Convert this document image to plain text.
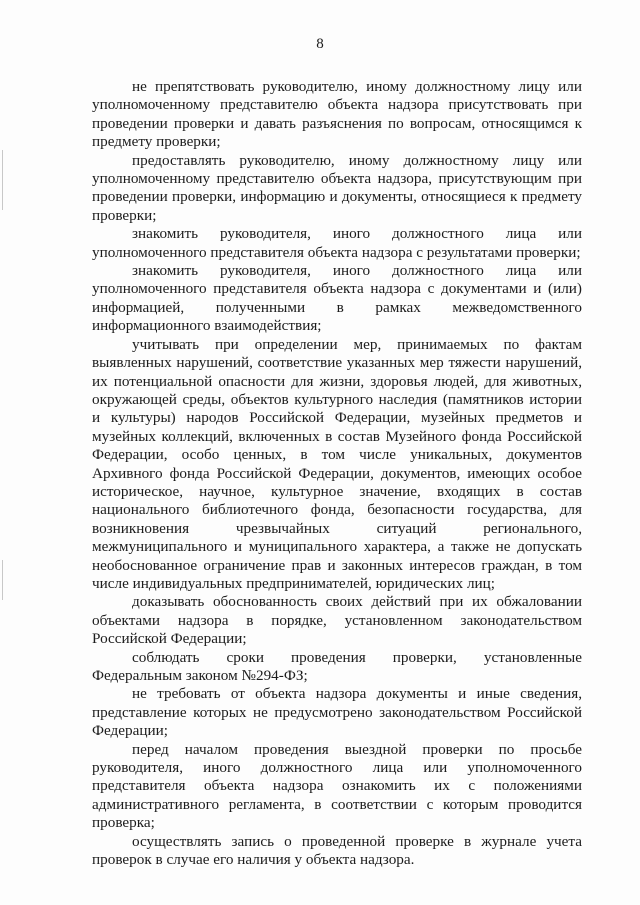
8

не препятствовать руководителю, иному должностному лицу или уполномоченному представителю объекта надзора присутствовать при проведении проверки и давать разъяснения по вопросам, относящимся к предмету проверки;

предоставлять руководителю, иному должностному лицу или уполномоченному представителю объекта надзора, присутствующим при проведении проверки, информацию и документы, относящиеся к предмету проверки;

знакомить руководителя, иного должностного лица или уполномоченного представителя объекта надзора с результатами проверки;

знакомить руководителя, иного должностного лица или уполномоченного представителя объекта надзора с документами и (или) информацией, полученными в рамках межведомственного информационного взаимодействия;

учитывать при определении мер, принимаемых по фактам выявленных нарушений, соответствие указанных мер тяжести нарушений, их потенциальной опасности для жизни, здоровья людей, для животных, окружающей среды, объектов культурного наследия (памятников истории и культуры) народов Российской Федерации, музейных предметов и музейных коллекций, включенных в состав Музейного фонда Российской Федерации, особо ценных, в том числе уникальных, документов Архивного фонда Российской Федерации, документов, имеющих особое историческое, научное, культурное значение, входящих в состав национального библиотечного фонда, безопасности государства, для возникновения чрезвычайных ситуаций регионального, межмуниципального и муниципального характера, а также не допускать необоснованное ограничение прав и законных интересов граждан, в том числе индивидуальных предпринимателей, юридических лиц;

доказывать обоснованность своих действий при их обжаловании объектами надзора в порядке, установленном законодательством Российской Федерации;

соблюдать сроки проведения проверки, установленные Федеральным законом №294-ФЗ;

не требовать от объекта надзора документы и иные сведения, представление которых не предусмотрено законодательством Российской Федерации;

перед началом проведения выездной проверки по просьбе руководителя, иного должностного лица или уполномоченного представителя объекта надзора ознакомить их с положениями административного регламента, в соответствии с которым проводится проверка;

осуществлять запись о проведенной проверке в журнале учета проверок в случае его наличия у объекта надзора.
